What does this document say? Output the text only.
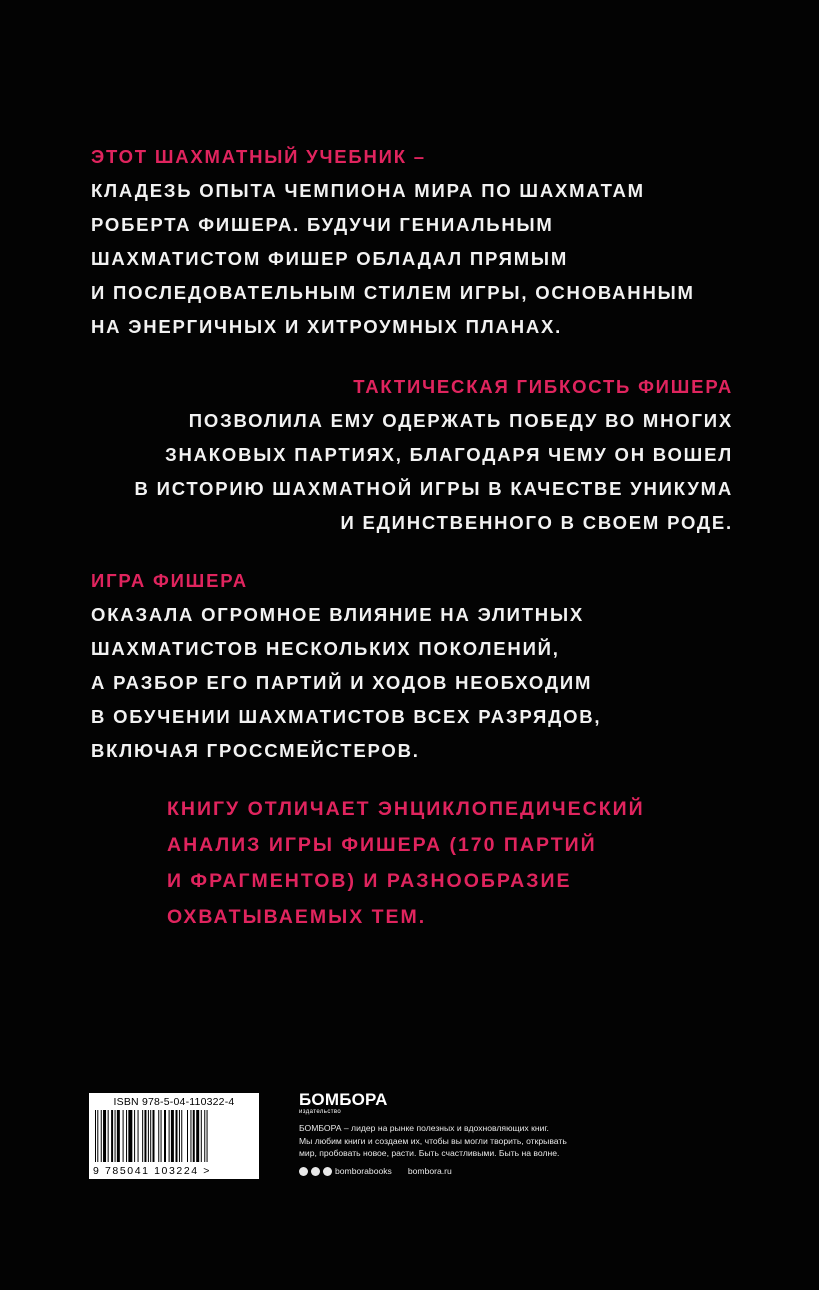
ЭТОТ ШАХМАТНЫЙ УЧЕБНИК –
КЛАДЕЗЬ ОПЫТА ЧЕМПИОНА МИРА ПО ШАХМАТАМ
РОБЕРТА ФИШЕРА. БУДУЧИ ГЕНИАЛЬНЫМ
ШАХМАТИСТОМ ФИШЕР ОБЛАДАЛ ПРЯМЫМ
И ПОСЛЕДОВАТЕЛЬНЫМ СТИЛЕМ ИГРЫ, ОСНОВАННЫМ
НА ЭНЕРГИЧНЫХ И ХИТРОУМНЫХ ПЛАНАХ.
ТАКТИЧЕСКАЯ ГИБКОСТЬ ФИШЕРА
ПОЗВОЛИЛА ЕМУ ОДЕРЖАТЬ ПОБЕДУ ВО МНОГИХ
ЗНАКОВЫХ ПАРТИЯХ, БЛАГОДАРЯ ЧЕМУ ОН ВОШЕЛ
В ИСТОРИЮ ШАХМАТНОЙ ИГРЫ В КАЧЕСТВЕ УНИКУМА
И ЕДИНСТВЕННОГО В СВОЕМ РОДЕ.
ИГРА ФИШЕРА
ОКАЗАЛА ОГРОМНОЕ ВЛИЯНИЕ НА ЭЛИТНЫХ
ШАХМАТИСТОВ НЕСКОЛЬКИХ ПОКОЛЕНИЙ,
А РАЗБОР ЕГО ПАРТИЙ И ХОДОВ НЕОБХОДИМ
В ОБУЧЕНИИ ШАХМАТИСТОВ ВСЕХ РАЗРЯДОВ,
ВКЛЮЧАЯ ГРОССМЕЙСТЕРОВ.
КНИГУ ОТЛИЧАЕТ ЭНЦИКЛОПЕДИЧЕСКИЙ
АНАЛИЗ ИГРЫ ФИШЕРА (170 ПАРТИЙ
И ФРАГМЕНТОВ) И РАЗНООБРАЗИЕ
ОХВАТЫВАЕМЫХ ТЕМ.
ISBN 978-5-04-110322-4
9 785041 103224 >
БОМБОРА
издательство
БОМБОРА – лидер на рынке полезных и вдохновляющих книг.
Мы любим книги и создаем их, чтобы вы могли творить, открывать
мир, пробовать новое, расти. Быть счастливыми. Быть на волне.
bomborabooks bombora.ru
